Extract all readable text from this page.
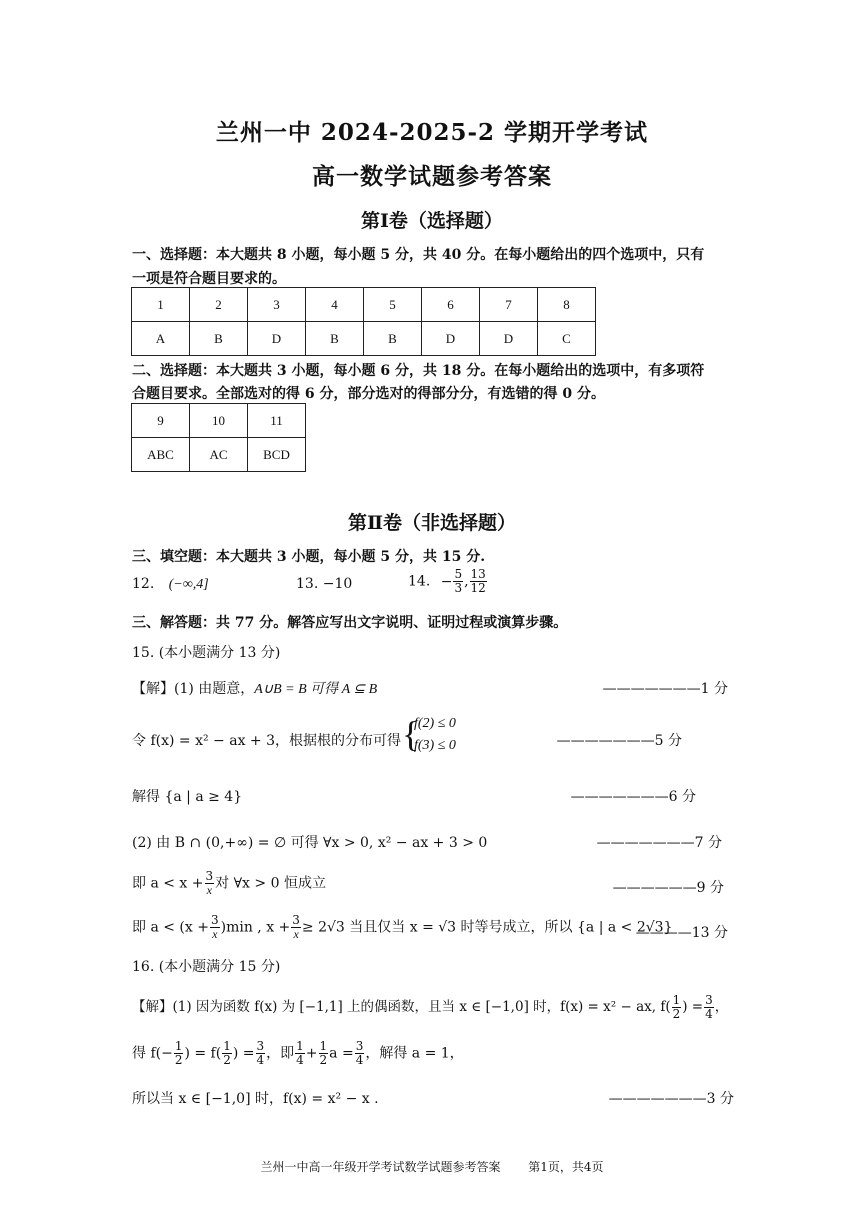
兰州一中 2024-2025-2 学期开学考试
高一数学试题参考答案
第Ⅰ卷（选择题）
一、选择题：本大题共 8 小题，每小题 5 分，共 40 分。在每小题给出的四个选项中，只有
一项是符合题目要求的。
1	2	3	4	5	6	7	8
A	B	D	B	B	D	D	C
二、选择题：本大题共 3 小题，每小题 6 分，共 18 分。在每小题给出的选项中，有多项符
合题目要求。全部选对的得 6 分，部分选对的得部分分，有选错的得 0 分。
9	10	11
ABC	AC	BCD
第Ⅱ卷（非选择题）
三、填空题：本大题共 3 小题，每小题 5 分，共 15 分.
12. (−∞,4]	13. −10	14. − $\frac{5}{3}$ , $\frac{13}{12}$
三、解答题：共 77 分。解答应写出文字说明、证明过程或演算步骤。
15. (本小题满分 13 分)
【解】(1) 由题意，A∪B = B 可得 A ⊆ B	———————1 分
令 f(x) = x² − ax + 3，根据根的分布可得 {
f(2) ≤ 0
f(3) ≤ 0	———————5 分
解得 {a | a ≥ 4}	———————6 分
(2) 由 B ∩ (0,+∞) = ∅ 可得 ∀x > 0, x² − ax + 3 > 0	———————7 分
即 $a < x + \frac{3}{x}$ 对 ∀x > 0 恒成立	——————9 分
即 $a < (x + \frac{3}{x} )\min$ , $x + \frac{3}{x} \ge 2√3$ 当且仅当 x = √3 时等号成立，所以 {a | a < 2√3}
————13 分
16. (本小题满分 15 分)
【解】(1) 因为函数 f(x) 为 [−1,1] 上的偶函数，且当 x ∈ [−1,0] 时，f(x) = x² − ax, $f( \frac{1}{2}$ ) = $\frac{3}{4}$ ，
得 $f(- \frac{1}{2}$ ) = $f( \frac{1}{2}$ ) = $\frac{3}{4}$ ，即 $\frac{1}{4} + \frac{1}{2}$ $a = \frac{3}{4}$ ，解得 a = 1，
所以当 x ∈ [−1,0] 时，f(x) = x² − x .	———————3 分
兰州一中高一年级开学考试数学试题参考答案 第1页，共4页
